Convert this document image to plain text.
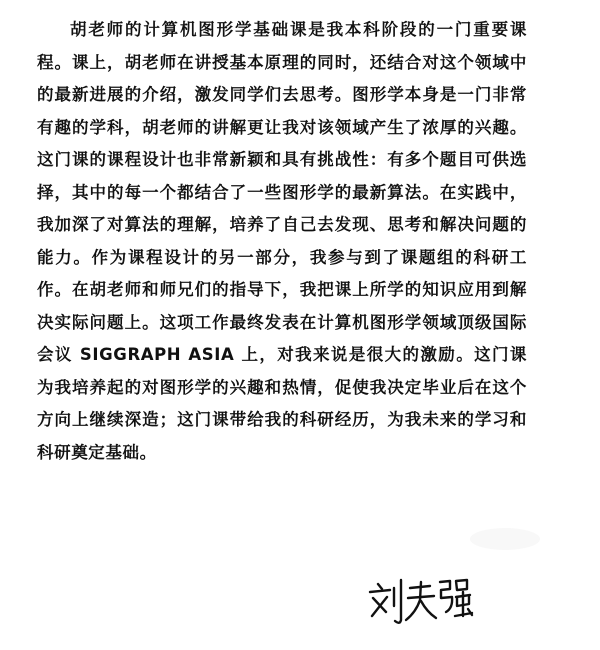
胡老师的计算机图形学基础课是我本科阶段的一门重要课程。课上，胡老师在讲授基本原理的同时，还结合对这个领域中的最新进展的介绍，激发同学们去思考。图形学本身是一门非常有趣的学科，胡老师的讲解更让我对该领域产生了浓厚的兴趣。这门课的课程设计也非常新颖和具有挑战性：有多个题目可供选择，其中的每一个都结合了一些图形学的最新算法。在实践中，我加深了对算法的理解，培养了自己去发现、思考和解决问题的能力。作为课程设计的另一部分，我参与到了课题组的科研工作。在胡老师和师兄们的指导下，我把课上所学的知识应用到解决实际问题上。这项工作最终发表在计算机图形学领域顶级国际会议 SIGGRAPH ASIA 上，对我来说是很大的激励。这门课为我培养起的对图形学的兴趣和热情，促使我决定毕业后在这个方向上继续深造；这门课带给我的科研经历，为我未来的学习和科研奠定基础。
